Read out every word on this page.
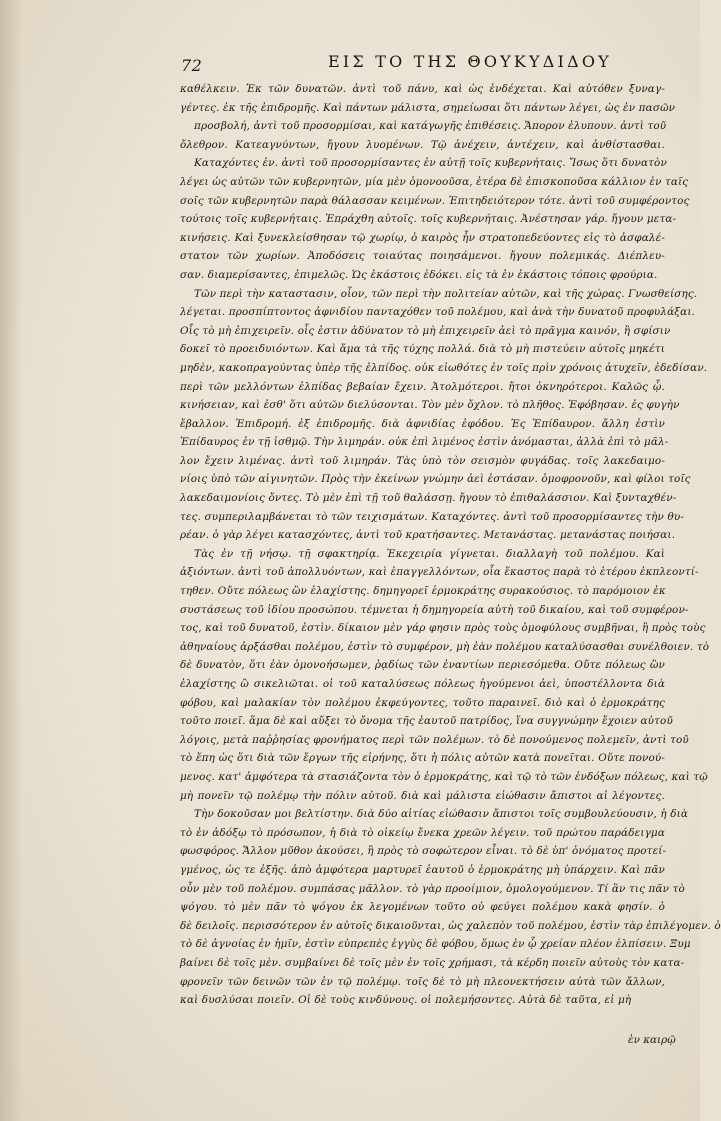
72	ΕΙΣ ΤΟ ΤΗΣ ΘΟΥΚΥΔΙΔΟΥ
καθέλκειν. Ἐκ τῶν δυνατῶν. ἀντὶ τοῦ πάνυ, καὶ ὡς ἐνδέχεται. Καὶ αὐτόθεν ξυναγ-
γέντες. ἐκ τῆς ἐπιδρομῆς. Καὶ πάντων μάλιστα, σημείωσαι ὅτι πάντων λέγει, ὡς ἐν πασῶν
προσβολή, ἀντὶ τοῦ προσορμίσαι, καὶ κατάγωγῆς ἐπιθέσεις. Ἄπορον ἐλυπουν. ἀντὶ τοῦ
ὄλεθρον. Κατεαγνύντων, ἤγουν λυομένων. Τῷ ἀνέχειν, ἀντέχειν, καὶ ἀνθίστασθαι.
Καταχόντες ἐν. ἀντὶ τοῦ προσορμίσαντες ἐν αὐτῇ τοῖς κυβερνήταις. Ἴσως ὅτι δυνατὸν
λέγει ὡς αὐτῶν τῶν κυβερνητῶν, μία μὲν ὁμονοοῦσα, ἑτέρα δὲ ἐπισκοποῦσα κάλλιον ἐν ταῖς
σοῖς τῶν κυβερνητῶν παρὰ θάλασσαν κειμένων. Ἐπιτηδειότερον τότε. ἀντὶ τοῦ συμφέροντος
τούτοις τοῖς κυβερνήταις. Ἐπράχθη αὐτοῖς. τοῖς κυβερνήταις. Ἀνέστησαν γάρ. ἤγουν μετα-
κινήσεις. Καὶ ξυνεκλείσθησαν τῷ χωρίῳ, ὁ καιρὸς ἦν στρατοπεδεύοντες εἰς τὸ ἀσφαλέ-
στατον τῶν χωρίων. Ἀποδόσεις τοιαύτας ποιησάμενοι. ἤγουν πολεμικάς. Διέπλευ-
σαν. διαμερίσαντες, ἐπιμελῶς. Ὡς ἑκάστοις ἐδόκει. εἰς τὰ ἐν ἑκάστοις τόποις φρούρια.
Τῶν περὶ τὴν καταστασιν, οἷον, τῶν περὶ τὴν πολιτείαν αὐτῶν, καὶ τῆς χώρας. Γνωσθείσης.
λέγεται. προσπίπτοντος ἀφνιδίου πανταχόθεν τοῦ πολέμου, καὶ ἀνὰ τὴν δυνατοῦ προφυλάξαι.
Οἷς τὸ μὴ ἐπιχειρεῖν. οἷς ἐστιν ἀδύνατον τὸ μὴ ἐπιχειρεῖν ἀεὶ τὸ πρᾶγμα καινόν, ἢ σφίσιν
δοκεῖ τὸ προειδυιόντων. Καὶ ἅμα τὰ τῆς τύχης πολλά. διὰ τὸ μὴ πιστεύειν αὐτοῖς μηκέτι
μηδὲν, κακοπραγούντας ὑπὲρ τῆς ἐλπίδος. οὐκ εἰωθότες ἐν τοῖς πρὶν χρόνοις ἀτυχεῖν, ἐδεδίσαν.
περὶ τῶν μελλόντων ἐλπίδας βεβαίαν ἔχειν. Ἀτολμότεροι. ἤτοι ὀκνηρότεροι. Καλῶς ᾧ.
κινήσειαν, καὶ ἐσθ' ὅτι αὐτῶν διελύσονται. Τὸν μὲν ὄχλον. τὸ πλῆθος. Ἐφόβησαν. ἐς φυγὴν
ἔβαλλον. Ἐπιδρομή. ἐξ ἐπιδρομῆς. διὰ ἀφνιδίας ἐφόδου. Ἐς Ἐπίδαυρον. ἄλλη ἐστὶν
Ἐπίδαυρος ἐν τῇ ἰσθμῷ. Τὴν λιμηράν. οὐκ ἐπὶ λιμένος ἐστὶν ἀνόμασται, ἀλλὰ ἐπὶ τὸ μᾶλ-
λον ἔχειν λιμένας. ἀντὶ τοῦ λιμηράν. Τὰς ὑπὸ τὸν σεισμὸν φυγάδας. τοῖς λακεδαιμο-
νίοις ὑπὸ τῶν αἰγινητῶν. Πρὸς τὴν ἐκείνων γνώμην ἀεὶ ἐστάσαν. ὁμοφρονοῦν, καὶ φίλοι τοῖς
λακεδαιμονίοις ὄντες. Τὸ μὲν ἐπὶ τῇ τοῦ θαλάσσῃ. ἤγουν τὸ ἐπιθαλάσσιον. Καὶ ξυνταχθέν-
τες. συμπεριλαμβάνεται τὸ τῶν τειχισμάτων. Καταχόντες. ἀντὶ τοῦ προσορμίσαντες τὴν θυ-
ρέαν. ὁ γὰρ λέγει κατασχόντες, ἀντὶ τοῦ κρατήσαντες. Μετανάστας. μετανάστας ποιήσαι.
Τὰς ἐν τῇ νήσῳ. τῇ σφακτηρίᾳ. Ἐκεχειρία γίγνεται. διαλλαγὴ τοῦ πολέμου. Καὶ
ἀξιόντων. ἀντὶ τοῦ ἀπολλυόντων, καὶ ἐπαγγελλόντων, οἷα ἕκαστος παρὰ τὸ ἑτέρου ἐκπλεοντί-
τηθεν. Οὔτε πόλεως ὢν ἐλαχίστης. δημηγορεῖ ἑρμοκράτης συρακούσιος. τὸ παρόμοιον ἐκ
συστάσεως τοῦ ἰδίου προσώπου. τέμνεται ἡ δημηγορεία αὐτὴ τοῦ δικαίου, καὶ τοῦ συμφέρον-
τος, καὶ τοῦ δυνατοῦ, ἐστὶν. δίκαιον μὲν γάρ φησιν πρὸς τοὺς ὁμοφύλους συμβῆναι, ἢ πρὸς τοὺς
ἀθηναίους ἀρξάσθαι πολέμου, ἐστὶν τὸ συμφέρον, μὴ ἐὰν πολέμου καταλύσασθαι συνέλθοιεν. τὸ
δὲ δυνατὸν, ὅτι ἐὰν ὁμονοήσωμεν, ῥᾳδίως τῶν ἐναντίων περιεσόμεθα. Οὔτε πόλεως ὢν
ἐλαχίστης ὢ σικελιῶται. οἱ τοῦ καταλύσεως πόλεως ἡγούμενοι ἀεὶ, ὑποστέλλοντα διὰ
φόβου, καὶ μαλακίαν τὸν πολέμου ἐκφεύγοντες, τοῦτο παραινεῖ. διὸ καὶ ὁ ἑρμοκράτης
τοῦτο ποιεῖ. ἅμα δὲ καὶ αὔξει τὸ ὄνομα τῆς ἑαυτοῦ πατρίδος, ἵνα συγγνώμην ἔχοιεν αὐτοῦ
λόγοις, μετὰ παῤῥησίας φρονήματος περὶ τῶν πολέμων. τὸ δὲ πονούμενος πολεμεῖν, ἀντὶ τοῦ
τὸ ἔπη ὡς ὅτι διὰ τῶν ἔργων τῆς εἰρήνης, ὅτι ἡ πόλις αὐτῶν κατὰ πονεῖται. Οὔτε πονού-
μενος. κατ' ἀμφότερα τὰ στασιάζοντα τὸν ὁ ἑρμοκράτης, καὶ τῷ τὸ τῶν ἐνδόξων πόλεως, καὶ τῷ
μὴ πονεῖν τῷ πολέμῳ τὴν πόλιν αὐτοῦ. διὰ καὶ μάλιστα εἰώθασιν ἄπιστοι αἱ λέγοντες.
Τὴν δοκοῦσαν μοι βελτίστην. διὰ δύο αἰτίας εἰώθασιν ἄπιστοι τοῖς συμβουλεύουσιν, ἡ διὰ
τὸ ἐν ἀδόξῳ τὸ πρόσωπον, ἡ διὰ τὸ οἰκείῳ ἔνεκα χρεῶν λέγειν. τοῦ πρώτου παράδειγμα
φωσφόρος. Ἄλλον μῦθον ἀκούσει, ἢ πρὸς τὸ σοφώτερον εἶναι. τὸ δὲ ὑπ' ὀνόματος προτεί-
γμένος, ὡς τε ἐξῆς. ἀπὸ ἀμφότερα μαρτυρεῖ ἑαυτοῦ ὁ ἑρμοκράτης μὴ ὑπάρχειν. Καὶ πᾶν
οὖν μὲν τοῦ πολέμου. συμπάσας μᾶλλον. τὸ γὰρ προοίμιον, ὁμολογούμενον. Τί ἂν τις πᾶν τὸ
ψόγου. τὸ μὲν πᾶν τὸ ψόγου ἐκ λεγομένων τοῦτο οὐ φεύγει πολέμου κακὰ φησίν. ὁ
δὲ δειλοῖς. περισσότερον ἐν αὐτοῖς δικαιοῦνται, ὡς χαλεπὸν τοῦ πολέμου, ἐστὶν τὰρ ἐπιλέγομεν. ὁ
τὸ δὲ ἀγνοίας ἐν ἡμῖν, ἐστὶν εὐπρεπὲς ἐγγὺς δὲ φόβου, ὅμως ἐν ᾧ χρείαν πλέον ἐλπίσειν. Ξυμ
βαίνει δὲ τοῖς μὲν. συμβαίνει δὲ τοῖς μὲν ἐν τοῖς χρήμασι, τὰ κέρδη ποιεῖν αὐτοὺς τὸν κατα-
φρονεῖν τῶν δεινῶν τῶν ἐν τῷ πολέμῳ. τοῖς δὲ τὸ μὴ πλεονεκτήσειν αὐτὰ τῶν ἄλλων,
καὶ δυσλύσαι ποιεῖν. Οἱ δὲ τοὺς κινδύνους. οἱ πολεμήσοντες. Αὐτὰ δὲ ταῦτα, εἰ μὴ
ἐν καιρῷ
